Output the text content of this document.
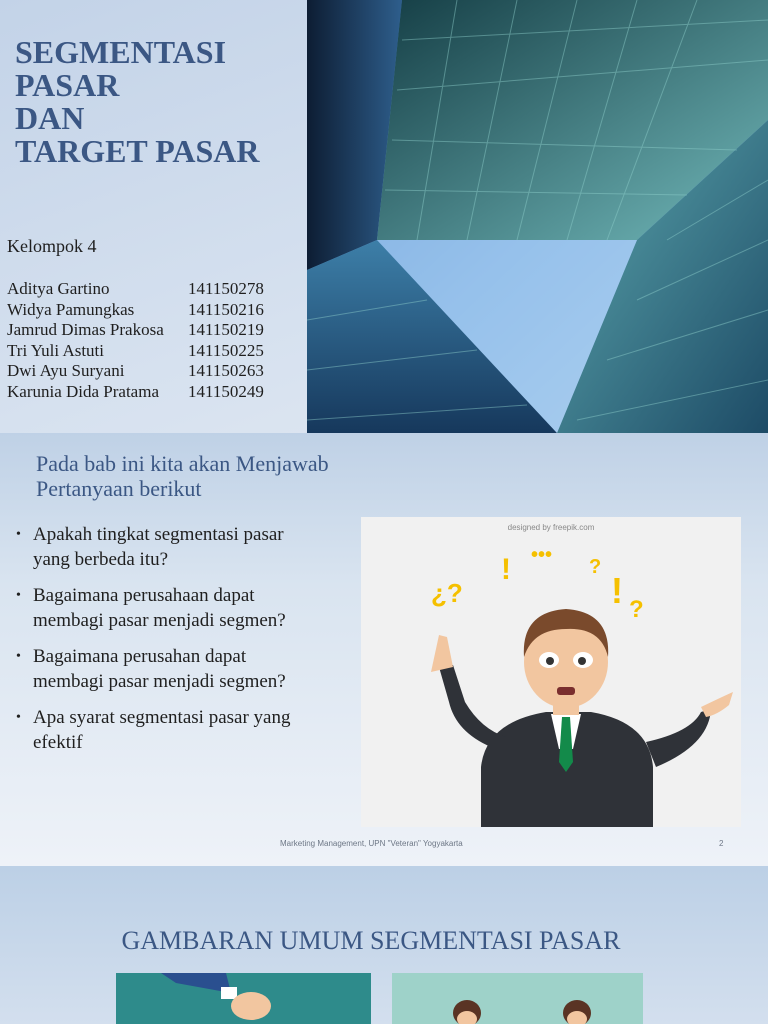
SEGMENTASI
PASAR
DAN
TARGET PASAR
Kelompok 4
Aditya Gartino	141150278
Widya Pamungkas	141150216
Jamrud Dimas Prakosa	141150219
Tri Yuli Astuti	141150225
Dwi Ayu Suryani	141150263
Karunia Dida Pratama	141150249
Pada bab ini kita akan Menjawab
Pertanyaan berikut
• Apakah tingkat segmentasi pasar yang berbeda itu?
• Bagaimana perusahaan dapat membagi pasar menjadi segmen?
• Bagaimana perusahan dapat membagi pasar menjadi segmen?
• Apa syarat segmentasi pasar yang efektif
designed by freepik.com
¿?
! •••
?
! ?
Marketing Management, UPN "Veteran" Yogyakarta	2
GAMBARAN UMUM SEGMENTASI PASAR
